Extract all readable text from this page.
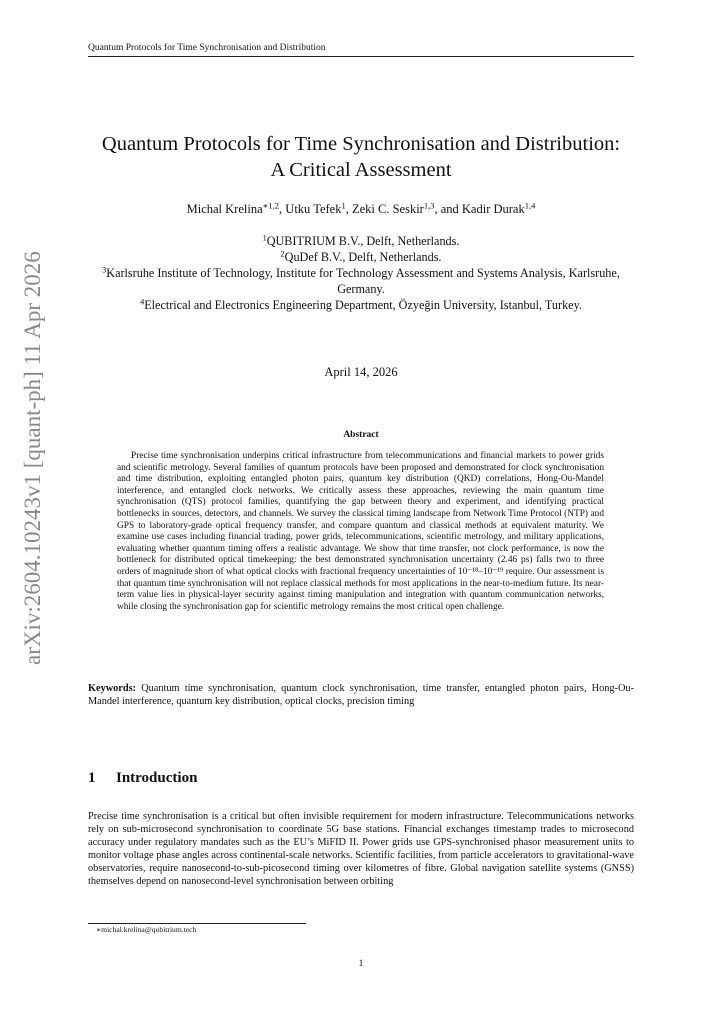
Quantum Protocols for Time Synchronisation and Distribution
arXiv:2604.10243v1 [quant-ph] 11 Apr 2026
Quantum Protocols for Time Synchronisation and Distribution:
A Critical Assessment
Michal Krelina$^{∗1,2}$, Utku Tefek$^1$, Zeki C. Seskir$^{1,3}$, and Kadir Durak$^{1,4}$
$^1$QUBITRIUM B.V., Delft, Netherlands.
$^2$QuDef B.V., Delft, Netherlands.
$^3$Karlsruhe Institute of Technology, Institute for Technology Assessment and Systems Analysis, Karlsruhe, Germany.
$^4$Electrical and Electronics Engineering Department, Özyeğin University, Istanbul, Turkey.
April 14, 2026
Abstract
Precise time synchronisation underpins critical infrastructure from telecommunications and financial markets to power grids and scientific metrology. Several families of quantum protocols have been proposed and demonstrated for clock synchronisation and time distribution, exploiting entangled photon pairs, quantum key distribution (QKD) correlations, Hong-Ou-Mandel interference, and entangled clock networks. We critically assess these approaches, reviewing the main quantum time synchronisation (QTS) protocol families, quantifying the gap between theory and experiment, and identifying practical bottlenecks in sources, detectors, and channels. We survey the classical timing landscape from Network Time Protocol (NTP) and GPS to laboratory-grade optical frequency transfer, and compare quantum and classical methods at equivalent maturity. We examine use cases including financial trading, power grids, telecommunications, scientific metrology, and military applications, evaluating whether quantum timing offers a realistic advantage. We show that time transfer, not clock performance, is now the bottleneck for distributed optical timekeeping: the best demonstrated synchronisation uncertainty (2.46 ps) falls two to three orders of magnitude short of what optical clocks with fractional frequency uncertainties of 10⁻¹⁸–10⁻¹⁹ require. Our assessment is that quantum time synchronisation will not replace classical methods for most applications in the near-to-medium future. Its near-term value lies in physical-layer security against timing manipulation and integration with quantum communication networks, while closing the synchronisation gap for scientific metrology remains the most critical open challenge.
Keywords: Quantum time synchronisation, quantum clock synchronisation, time transfer, entangled photon pairs, Hong-Ou-Mandel interference, quantum key distribution, optical clocks, precision timing
1 Introduction
Precise time synchronisation is a critical but often invisible requirement for modern infrastructure. Telecommunications networks rely on sub-microsecond synchronisation to coordinate 5G base stations. Financial exchanges timestamp trades to microsecond accuracy under regulatory mandates such as the EU’s MiFID II. Power grids use GPS-synchronised phasor measurement units to monitor voltage phase angles across continental-scale networks. Scientific facilities, from particle accelerators to gravitational-wave observatories, require nanosecond-to-sub-picosecond timing over kilometres of fibre. Global navigation satellite systems (GNSS) themselves depend on nanosecond-level synchronisation between orbiting
∗michal.krelina@qubitrium.tech
1
